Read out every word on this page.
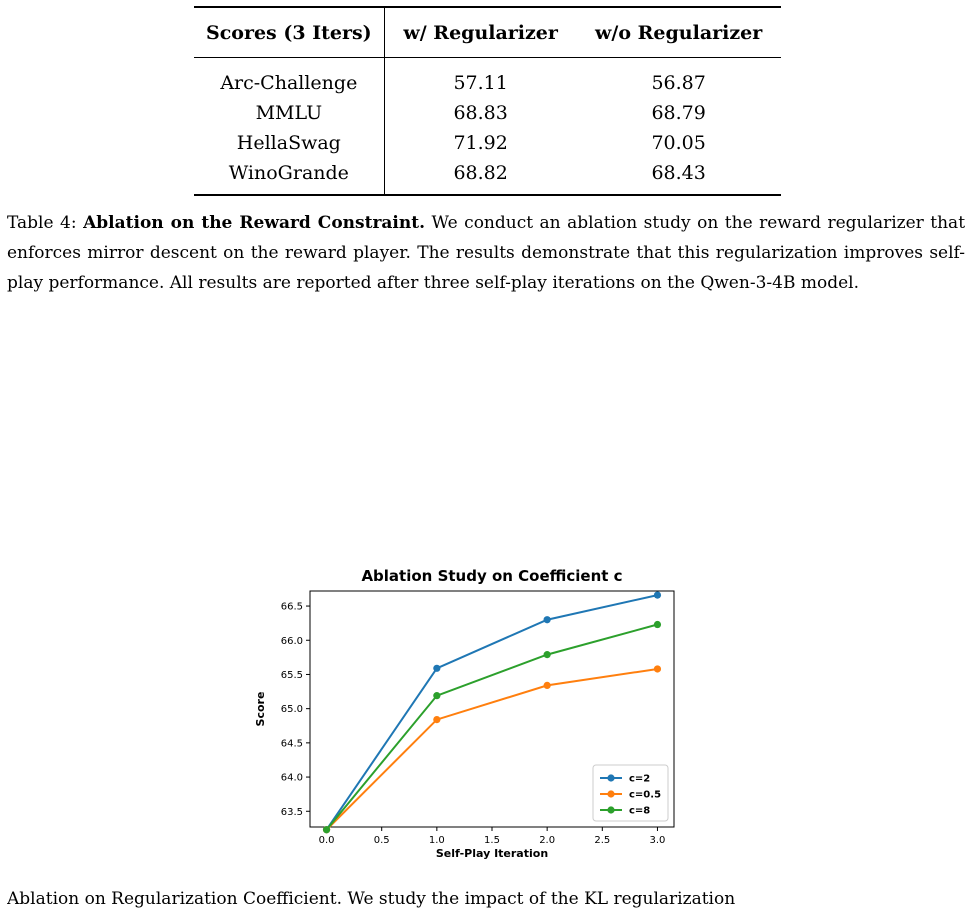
Scores (3 Iters)	w/ Regularizer	w/o Regularizer
Arc-Challenge	57.11	56.87
MMLU	68.83	68.79
HellaSwag	71.92	70.05
WinoGrande	68.82	68.43
Table 4: Ablation on the Reward Constraint. We conduct an ablation study on the reward regularizer that enforces mirror descent on the reward player. The results demonstrate that this regularization improves self-play performance. All results are reported after three self-play iterations on the Qwen-3-4B model.
Ablation Study on Coefficient c
0.0	0.5	1.0	1.5	2.0	2.5	3.0
63.5
64.0
64.5
65.0
65.5
66.0
66.5
Self-Play Iteration
Score
c=2
c=0.5
c=8
Ablation on Regularization Coefficient. We study the impact of the KL regularization
